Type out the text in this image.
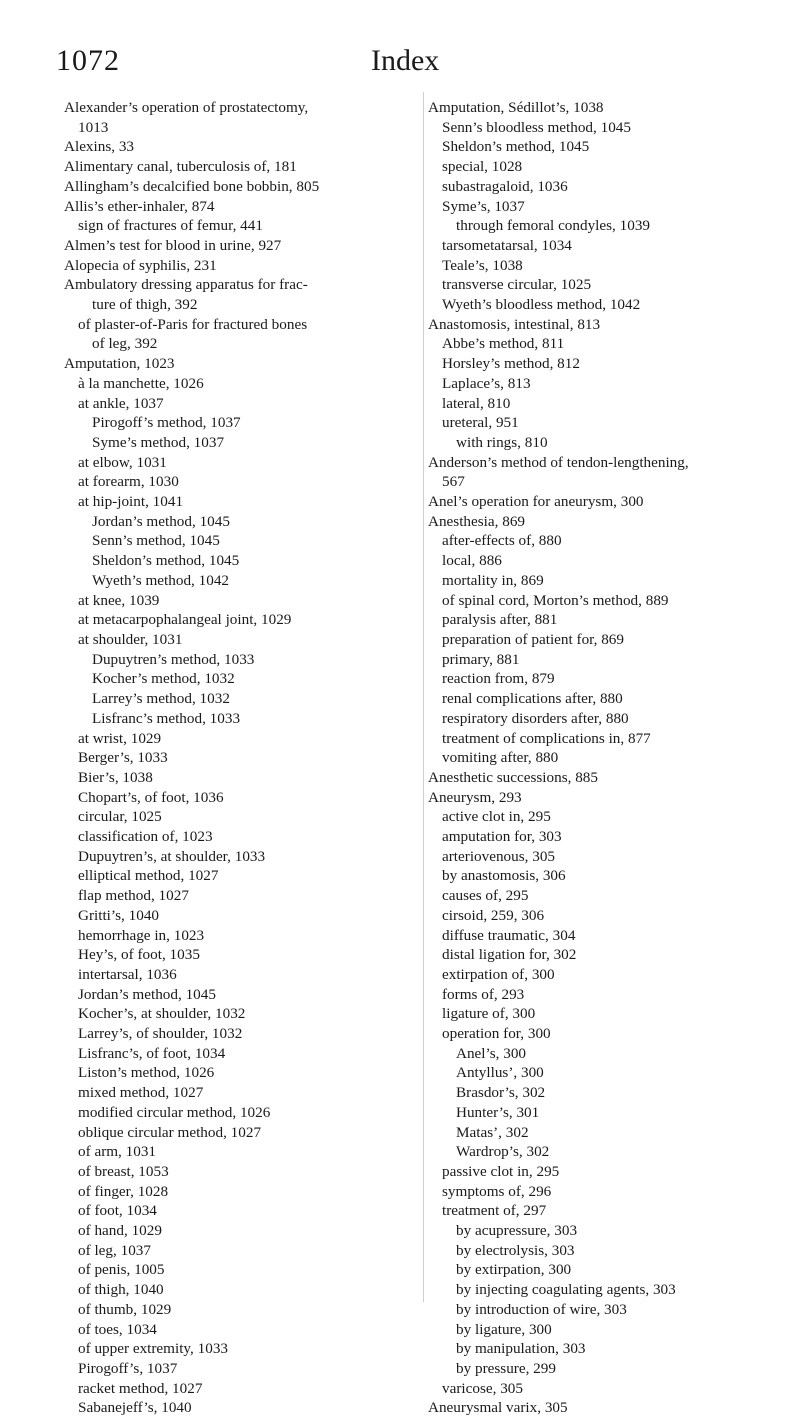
1072	Index
Alexander’s operation of prostatectomy,
1013
Alexins, 33
Alimentary canal, tuberculosis of, 181
Allingham’s decalcified bone bobbin, 805
Allis’s ether-inhaler, 874
sign of fractures of femur, 441
Almen’s test for blood in urine, 927
Alopecia of syphilis, 231
Ambulatory dressing apparatus for frac-
ture of thigh, 392
of plaster-of-Paris for fractured bones
of leg, 392
Amputation, 1023
à la manchette, 1026
at ankle, 1037
Pirogoff’s method, 1037
Syme’s method, 1037
at elbow, 1031
at forearm, 1030
at hip-joint, 1041
Jordan’s method, 1045
Senn’s method, 1045
Sheldon’s method, 1045
Wyeth’s method, 1042
at knee, 1039
at metacarpophalangeal joint, 1029
at shoulder, 1031
Dupuytren’s method, 1033
Kocher’s method, 1032
Larrey’s method, 1032
Lisfranc’s method, 1033
at wrist, 1029
Berger’s, 1033
Bier’s, 1038
Chopart’s, of foot, 1036
circular, 1025
classification of, 1023
Dupuytren’s, at shoulder, 1033
elliptical method, 1027
flap method, 1027
Gritti’s, 1040
hemorrhage in, 1023
Hey’s, of foot, 1035
intertarsal, 1036
Jordan’s method, 1045
Kocher’s, at shoulder, 1032
Larrey’s, of shoulder, 1032
Lisfranc’s, of foot, 1034
Liston’s method, 1026
mixed method, 1027
modified circular method, 1026
oblique circular method, 1027
of arm, 1031
of breast, 1053
of finger, 1028
of foot, 1034
of hand, 1029
of leg, 1037
of penis, 1005
of thigh, 1040
of thumb, 1029
of toes, 1034
of upper extremity, 1033
Pirogoff’s, 1037
racket method, 1027
Sabanejeff’s, 1040
Amputation, Sédillot’s, 1038
Senn’s bloodless method, 1045
Sheldon’s method, 1045
special, 1028
subastragaloid, 1036
Syme’s, 1037
through femoral condyles, 1039
tarsometatarsal, 1034
Teale’s, 1038
transverse circular, 1025
Wyeth’s bloodless method, 1042
Anastomosis, intestinal, 813
Abbe’s method, 811
Horsley’s method, 812
Laplace’s, 813
lateral, 810
ureteral, 951
with rings, 810
Anderson’s method of tendon-lengthening,
567
Anel’s operation for aneurysm, 300
Anesthesia, 869
after-effects of, 880
local, 886
mortality in, 869
of spinal cord, Morton’s method, 889
paralysis after, 881
preparation of patient for, 869
primary, 881
reaction from, 879
renal complications after, 880
respiratory disorders after, 880
treatment of complications in, 877
vomiting after, 880
Anesthetic successions, 885
Aneurysm, 293
active clot in, 295
amputation for, 303
arteriovenous, 305
by anastomosis, 306
causes of, 295
cirsoid, 259, 306
diffuse traumatic, 304
distal ligation for, 302
extirpation of, 300
forms of, 293
ligature of, 300
operation for, 300
Anel’s, 300
Antyllus’, 300
Brasdor’s, 302
Hunter’s, 301
Matas’, 302
Wardrop’s, 302
passive clot in, 295
symptoms of, 296
treatment of, 297
by acupressure, 303
by electrolysis, 303
by extirpation, 300
by injecting coagulating agents, 303
by introduction of wire, 303
by ligature, 300
by manipulation, 303
by pressure, 299
varicose, 305
Aneurysmal varix, 305
